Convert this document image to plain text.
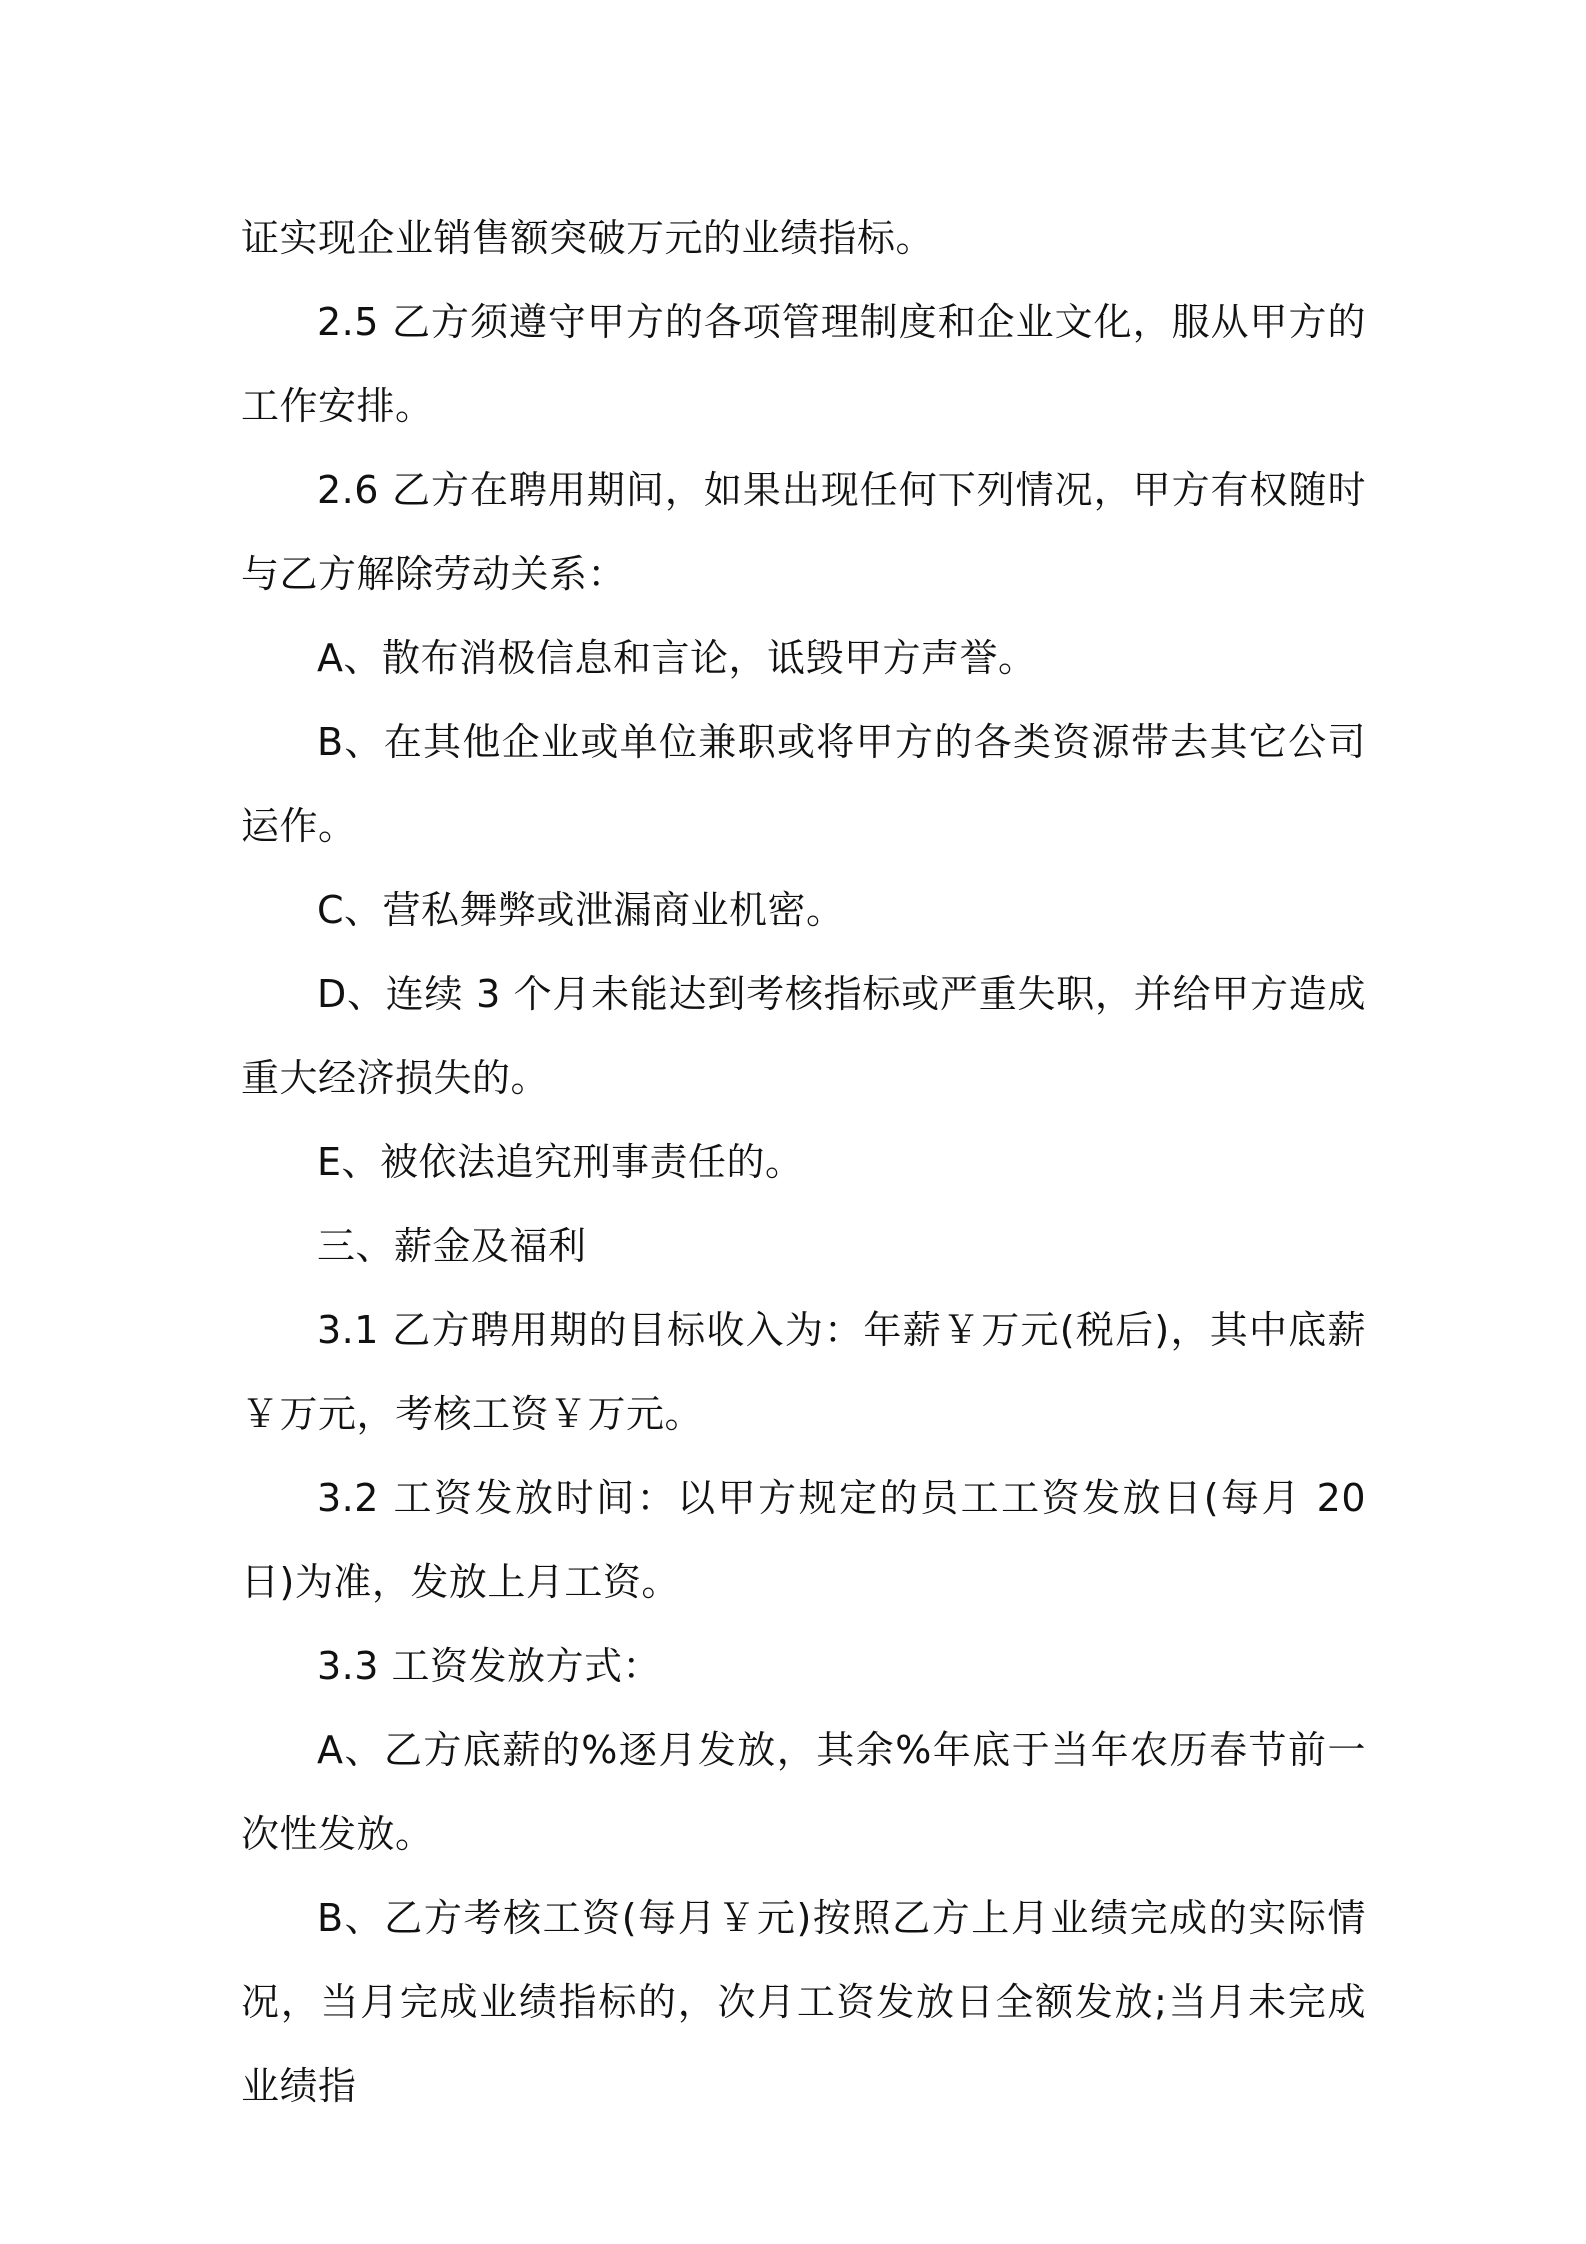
证实现企业销售额突破万元的业绩指标。

2.5 乙方须遵守甲方的各项管理制度和企业文化，服从甲方的工作安排。

2.6 乙方在聘用期间，如果出现任何下列情况，甲方有权随时与乙方解除劳动关系：

A、散布消极信息和言论，诋毁甲方声誉。

B、在其他企业或单位兼职或将甲方的各类资源带去其它公司运作。

C、营私舞弊或泄漏商业机密。

D、连续 3 个月未能达到考核指标或严重失职，并给甲方造成重大经济损失的。

E、被依法追究刑事责任的。

三、薪金及福利

3.1 乙方聘用期的目标收入为：年薪￥万元(税后)，其中底薪￥万元，考核工资￥万元。

3.2 工资发放时间：以甲方规定的员工工资发放日(每月 20 日)为准，发放上月工资。

3.3 工资发放方式：

A、乙方底薪的%逐月发放，其余%年底于当年农历春节前一次性发放。

B、乙方考核工资(每月￥元)按照乙方上月业绩完成的实际情况，当月完成业绩指标的，次月工资发放日全额发放;当月未完成业绩指
